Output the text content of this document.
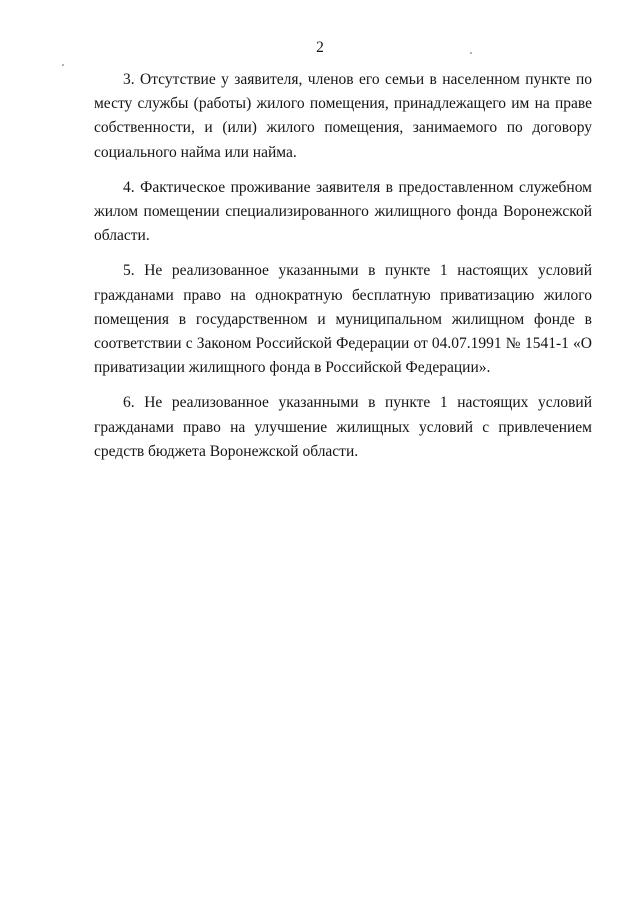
2

3. Отсутствие у заявителя, членов его семьи в населенном пункте по месту службы (работы) жилого помещения, принадлежащего им на праве собственности, и (или) жилого помещения, занимаемого по договору социального найма или найма.

4. Фактическое проживание заявителя в предоставленном служебном жилом помещении специализированного жилищного фонда Воронежской области.

5. Не реализованное указанными в пункте 1 настоящих условий гражданами право на однократную бесплатную приватизацию жилого помещения в государственном и муниципальном жилищном фонде в соответствии с Законом Российской Федерации от 04.07.1991 № 1541-1 «О приватизации жилищного фонда в Российской Федерации».

6. Не реализованное указанными в пункте 1 настоящих условий гражданами право на улучшение жилищных условий с привлечением средств бюджета Воронежской области.
